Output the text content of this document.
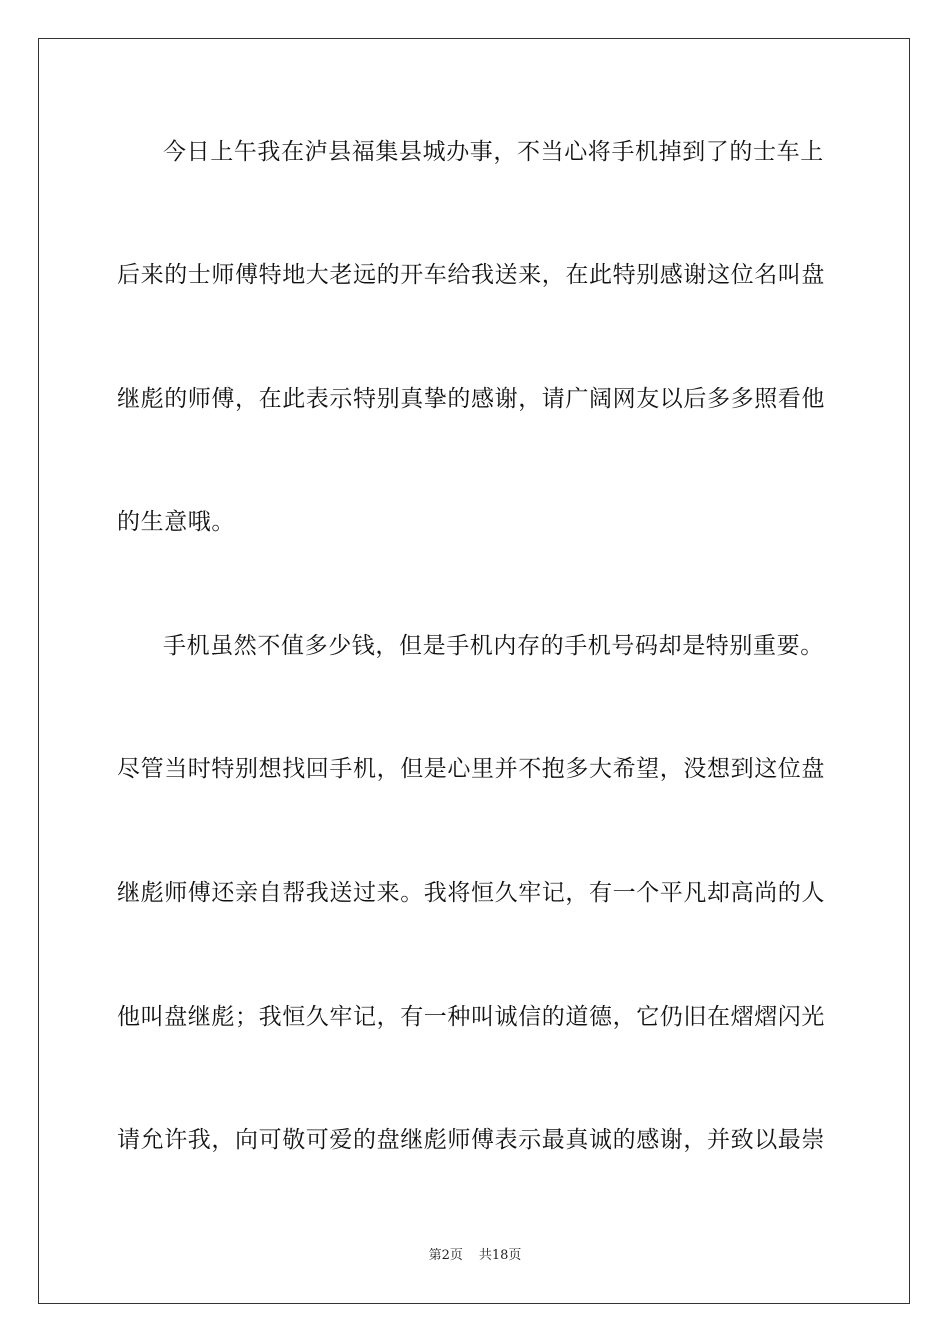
今日上午我在泸县福集县城办事，不当心将手机掉到了的士车上
后来的士师傅特地大老远的开车给我送来，在此特别感谢这位名叫盘
继彪的师傅，在此表示特别真挚的感谢，请广阔网友以后多多照看他
的生意哦。
手机虽然不值多少钱，但是手机内存的手机号码却是特别重要。
尽管当时特别想找回手机，但是心里并不抱多大希望，没想到这位盘
继彪师傅还亲自帮我送过来。我将恒久牢记，有一个平凡却高尚的人
他叫盘继彪；我恒久牢记，有一种叫诚信的道德，它仍旧在熠熠闪光
请允许我，向可敬可爱的盘继彪师傅表示最真诚的感谢，并致以最崇
第2页 共18页
